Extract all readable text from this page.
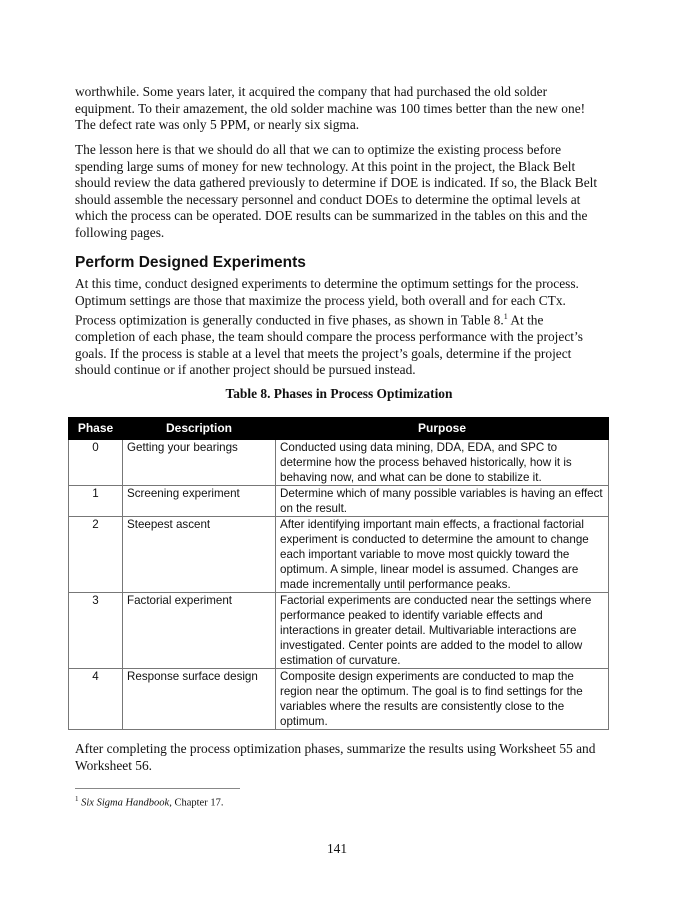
worthwhile. Some years later, it acquired the company that had purchased the old solder equipment. To their amazement, the old solder machine was 100 times better than the new one! The defect rate was only 5 PPM, or nearly six sigma.

The lesson here is that we should do all that we can to optimize the existing process before spending large sums of money for new technology. At this point in the project, the Black Belt should review the data gathered previously to determine if DOE is indicated. If so, the Black Belt should assemble the necessary personnel and conduct DOEs to determine the optimal levels at which the process can be operated. DOE results can be summarized in the tables on this and the following pages.

Perform Designed Experiments

At this time, conduct designed experiments to determine the optimum settings for the process. Optimum settings are those that maximize the process yield, both overall and for each CTx. Process optimization is generally conducted in five phases, as shown in Table 8.$^1$ At the completion of each phase, the team should compare the process performance with the project’s goals. If the process is stable at a level that meets the project’s goals, determine if the project should continue or if another project should be pursued instead.

Table 8. Phases in Process Optimization

Phase	Description	Purpose
0	Getting your bearings	Conducted using data mining, DDA, EDA, and SPC to determine how the process behaved historically, how it is behaving now, and what can be done to stabilize it.
1	Screening experiment	Determine which of many possible variables is having an effect on the result.
2	Steepest ascent	After identifying important main effects, a fractional factorial experiment is conducted to determine the amount to change each important variable to move most quickly toward the optimum. A simple, linear model is assumed. Changes are made incrementally until performance peaks.
3	Factorial experiment	Factorial experiments are conducted near the settings where performance peaked to identify variable effects and interactions in greater detail. Multivariable interactions are investigated. Center points are added to the model to allow estimation of curvature.
4	Response surface design	Composite design experiments are conducted to map the region near the optimum. The goal is to find settings for the variables where the results are consistently close to the optimum.

After completing the process optimization phases, summarize the results using Worksheet 55 and Worksheet 56.

$^1$ Six Sigma Handbook, Chapter 17.

141
